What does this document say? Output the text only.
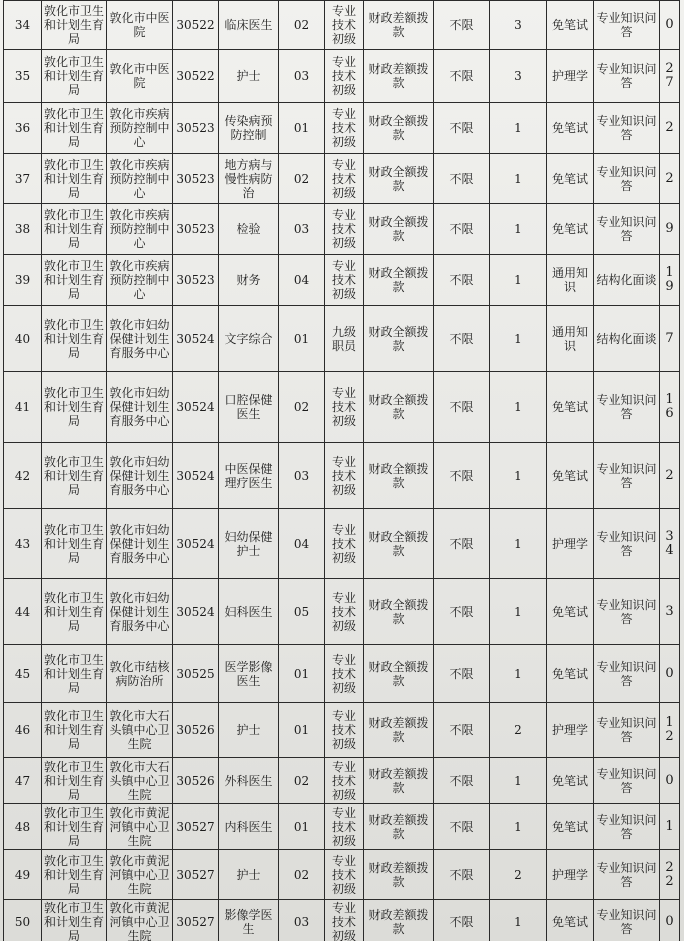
34	敦化市卫生和计划生育局	敦化市中医院	30522	临床医生	02	专业技术初级	财政差额拨款	不限	3	免笔试	专业知识问答	0
35	敦化市卫生和计划生育局	敦化市中医院	30522	护士	03	专业技术初级	财政差额拨款	不限	3	护理学	专业知识问答	27
36	敦化市卫生和计划生育局	敦化市疾病预防控制中心	30523	传染病预防控制	01	专业技术初级	财政全额拨款	不限	1	免笔试	专业知识问答	2
37	敦化市卫生和计划生育局	敦化市疾病预防控制中心	30523	地方病与慢性病防治	02	专业技术初级	财政全额拨款	不限	1	免笔试	专业知识问答	2
38	敦化市卫生和计划生育局	敦化市疾病预防控制中心	30523	检验	03	专业技术初级	财政全额拨款	不限	1	免笔试	专业知识问答	9
39	敦化市卫生和计划生育局	敦化市疾病预防控制中心	30523	财务	04	专业技术初级	财政全额拨款	不限	1	通用知识	结构化面谈	19
40	敦化市卫生和计划生育局	敦化市妇幼保健计划生育服务中心	30524	文字综合	01	九级职员	财政全额拨款	不限	1	通用知识	结构化面谈	7
41	敦化市卫生和计划生育局	敦化市妇幼保健计划生育服务中心	30524	口腔保健医生	02	专业技术初级	财政全额拨款	不限	1	免笔试	专业知识问答	16
42	敦化市卫生和计划生育局	敦化市妇幼保健计划生育服务中心	30524	中医保健理疗医生	03	专业技术初级	财政全额拨款	不限	1	免笔试	专业知识问答	2
43	敦化市卫生和计划生育局	敦化市妇幼保健计划生育服务中心	30524	妇幼保健护士	04	专业技术初级	财政全额拨款	不限	1	护理学	专业知识问答	34
44	敦化市卫生和计划生育局	敦化市妇幼保健计划生育服务中心	30524	妇科医生	05	专业技术初级	财政全额拨款	不限	1	免笔试	专业知识问答	3
45	敦化市卫生和计划生育局	敦化市结核病防治所	30525	医学影像医生	01	专业技术初级	财政全额拨款	不限	1	免笔试	专业知识问答	0
46	敦化市卫生和计划生育局	敦化市大石头镇中心卫生院	30526	护士	01	专业技术初级	财政差额拨款	不限	2	护理学	专业知识问答	12
47	敦化市卫生和计划生育局	敦化市大石头镇中心卫生院	30526	外科医生	02	专业技术初级	财政差额拨款	不限	1	免笔试	专业知识问答	0
48	敦化市卫生和计划生育局	敦化市黄泥河镇中心卫生院	30527	内科医生	01	专业技术初级	财政差额拨款	不限	1	免笔试	专业知识问答	1
49	敦化市卫生和计划生育局	敦化市黄泥河镇中心卫生院	30527	护士	02	专业技术初级	财政差额拨款	不限	2	护理学	专业知识问答	22
50	敦化市卫生和计划生育局	敦化市黄泥河镇中心卫生院	30527	影像学医生	03	专业技术初级	财政差额拨款	不限	1	免笔试	专业知识问答	0
